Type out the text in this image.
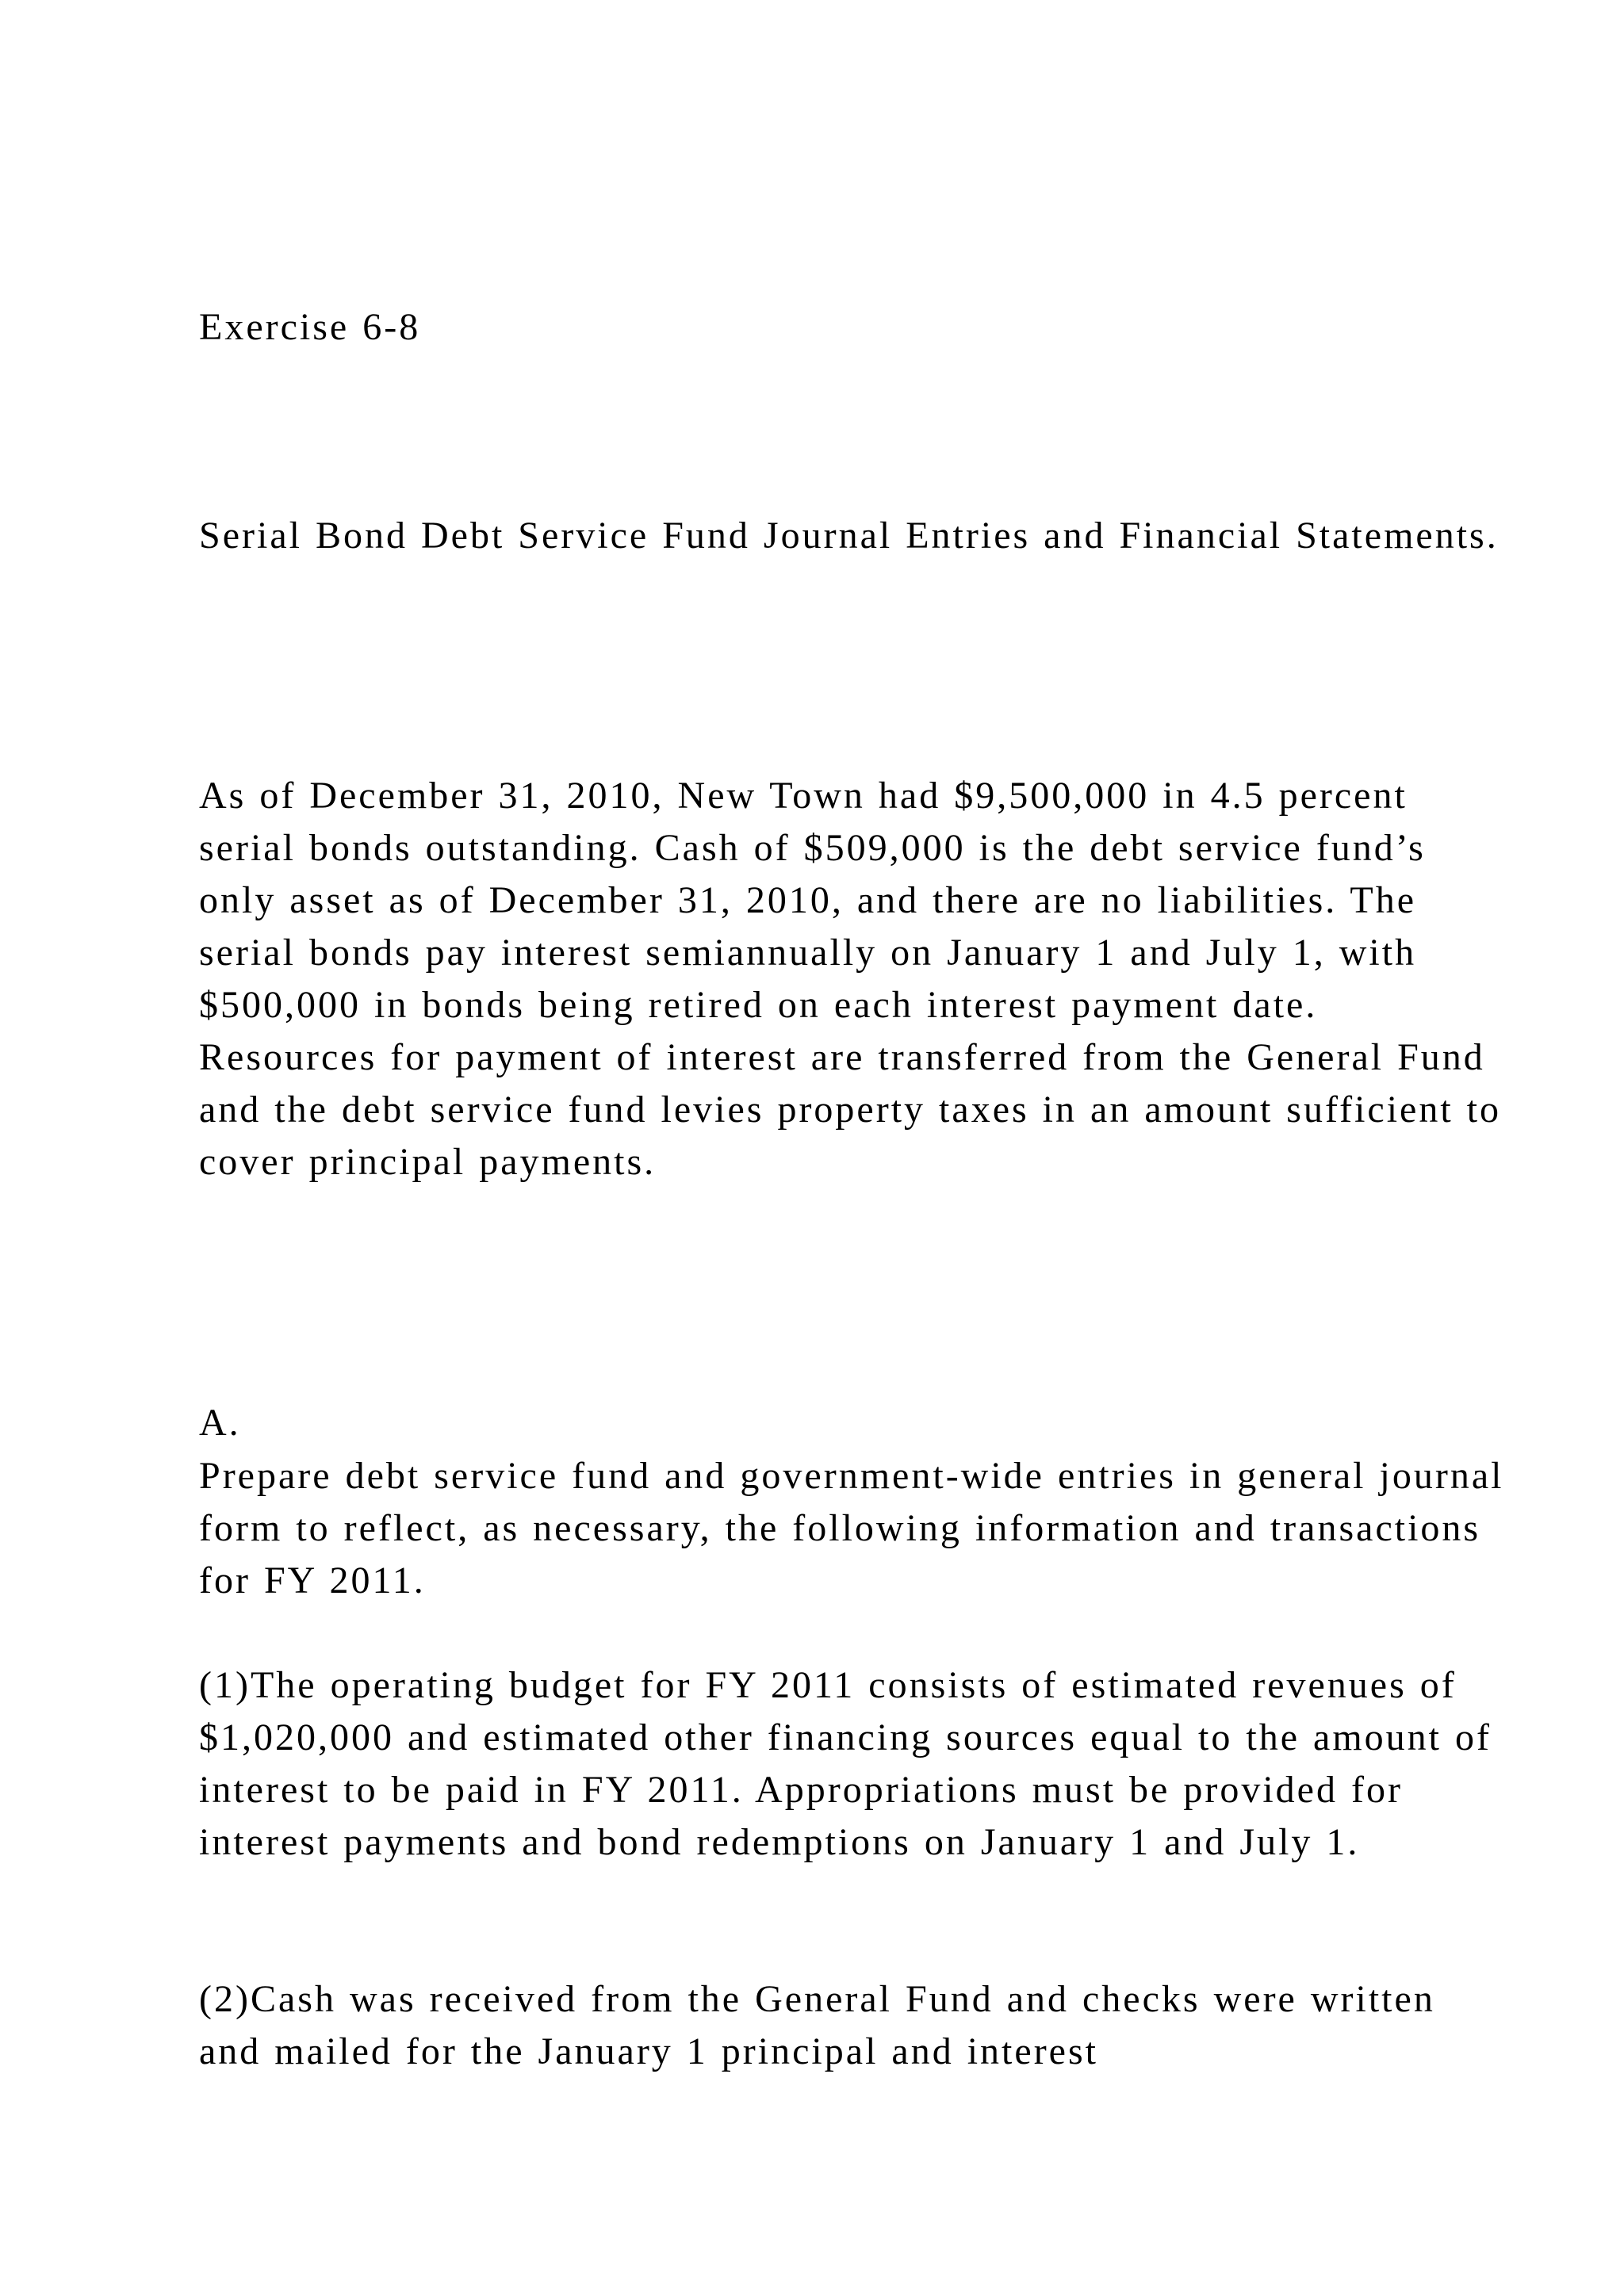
Exercise 6-8

Serial Bond Debt Service Fund Journal Entries and Financial Statements.

As of December 31, 2010, New Town had $9,500,000 in 4.5 percent serial bonds outstanding. Cash of $509,000 is the debt service fund’s only asset as of December 31, 2010, and there are no liabilities. The serial bonds pay interest semiannually on January 1 and July 1, with $500,000 in bonds being retired on each interest payment date. Resources for payment of interest are transferred from the General Fund and the debt service fund levies property taxes in an amount sufficient to cover principal payments.

A.

Prepare debt service fund and government-wide entries in general journal form to reflect, as necessary, the following information and transactions for FY 2011.

(1)The operating budget for FY 2011 consists of estimated revenues of $1,020,000 and estimated other financing sources equal to the amount of interest to be paid in FY 2011. Appropriations must be provided for interest payments and bond redemptions on January 1 and July 1.

(2)Cash was received from the General Fund and checks were written and mailed for the January 1 principal and interest
